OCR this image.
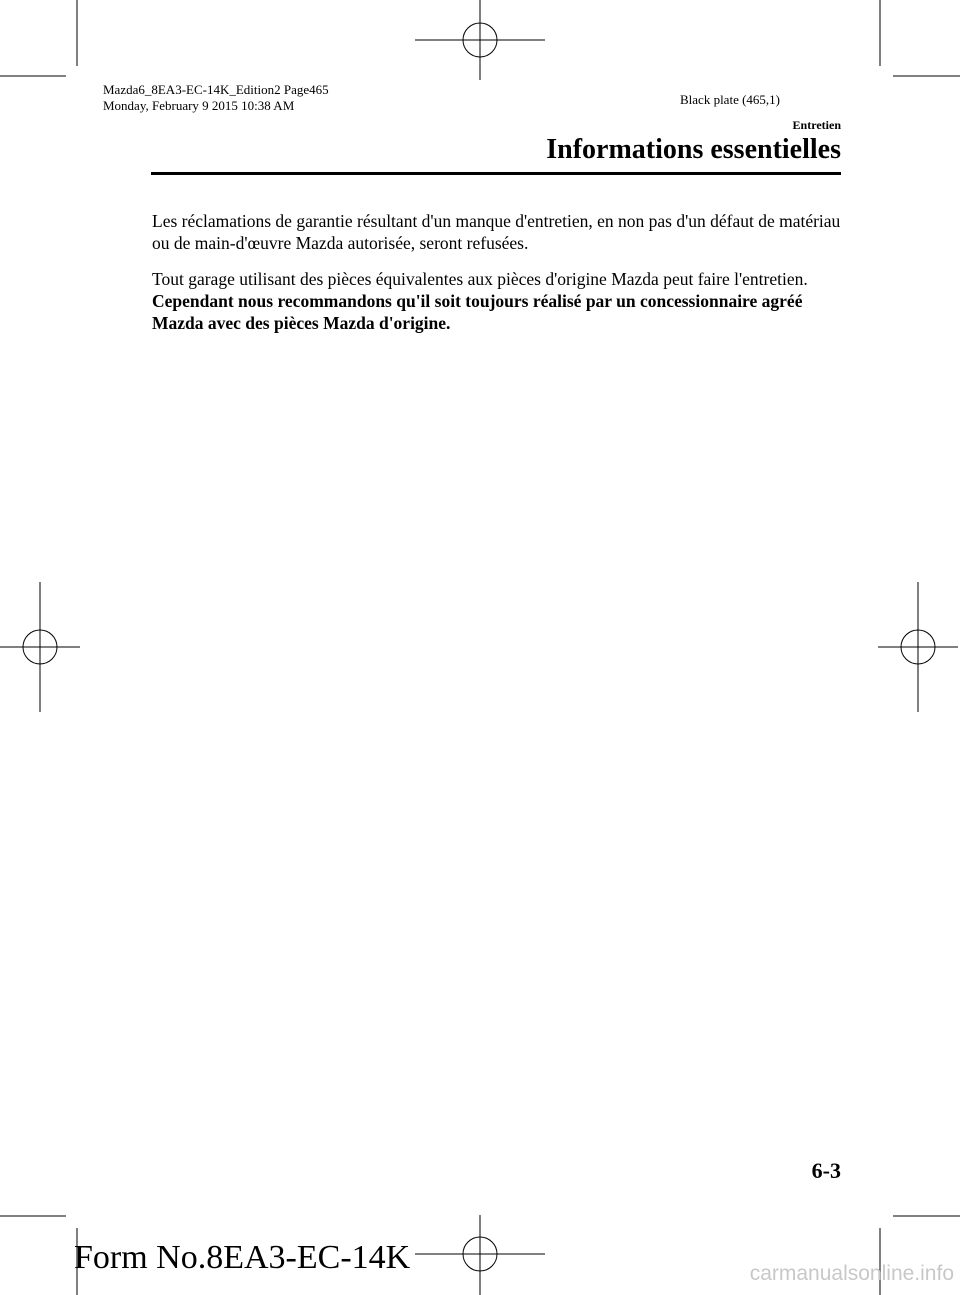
Mazda6_8EA3-EC-14K_Edition2 Page465
Monday, February 9 2015 10:38 AM	Black plate (465,1)
Entretien
Informations essentielles

Les réclamations de garantie résultant d'un manque d'entretien, en non pas d'un défaut de matériau ou de main-d'œuvre Mazda autorisée, seront refusées.

Tout garage utilisant des pièces équivalentes aux pièces d'origine Mazda peut faire l'entretien. Cependant nous recommandons qu'il soit toujours réalisé par un concessionnaire agréé Mazda avec des pièces Mazda d'origine.

6-3
Form No.8EA3-EC-14K	carmanualsonline.info
